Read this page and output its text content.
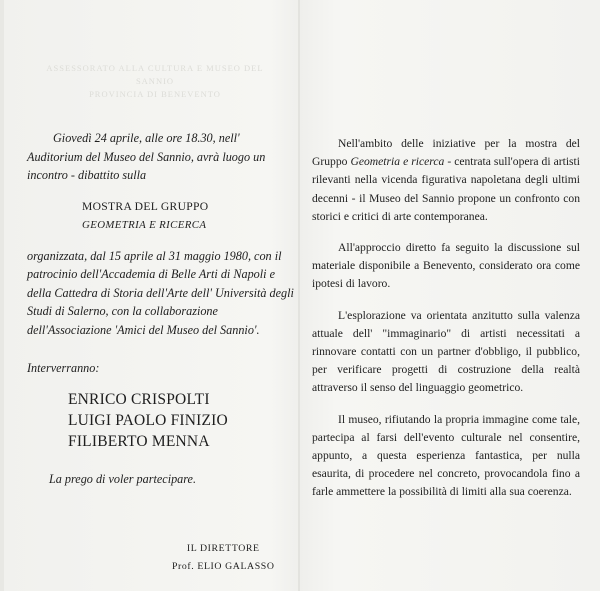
ASSESSORATO ALLA CULTURA E MUSEO DEL SANNIO
PROVINCIA DI BENEVENTO

Giovedì 24 aprile, alle ore 18.30, nell' Auditorium del Museo del Sannio, avrà luogo un incontro - dibattito sulla

MOSTRA DEL GRUPPO
GEOMETRIA E RICERCA

organizzata, dal 15 aprile al 31 maggio 1980, con il patrocinio dell'Accademia di Belle Arti di Napoli e della Cattedra di Storia dell'Arte dell' Università degli Studi di Salerno, con la collaborazione dell'Associazione 'Amici del Museo del Sannio'.

Interverranno:

ENRICO CRISPOLTI
LUIGI PAOLO FINIZIO
FILIBERTO MENNA

La prego di voler partecipare.

IL DIRETTORE
Prof. ELIO GALASSO

Nell'ambito delle iniziative per la mostra del Gruppo Geometria e ricerca - centrata sull'opera di artisti rilevanti nella vicenda figurativa napoletana degli ultimi decenni - il Museo del Sannio propone un confronto con storici e critici di arte contemporanea.

All'approccio diretto fa seguito la discussione sul materiale disponibile a Benevento, considerato ora come ipotesi di lavoro.

L'esplorazione va orientata anzitutto sulla valenza attuale dell' "immaginario" di artisti necessitati a rinnovare contatti con un partner d'obbligo, il pubblico, per verificare progetti di costruzione della realtà attraverso il senso del linguaggio geometrico.

Il museo, rifiutando la propria immagine come tale, partecipa al farsi dell'evento culturale nel consentire, appunto, a questa esperienza fantastica, per nulla esaurita, di procedere nel concreto, provocandola fino a farle ammettere la possibilità di limiti alla sua coerenza.
